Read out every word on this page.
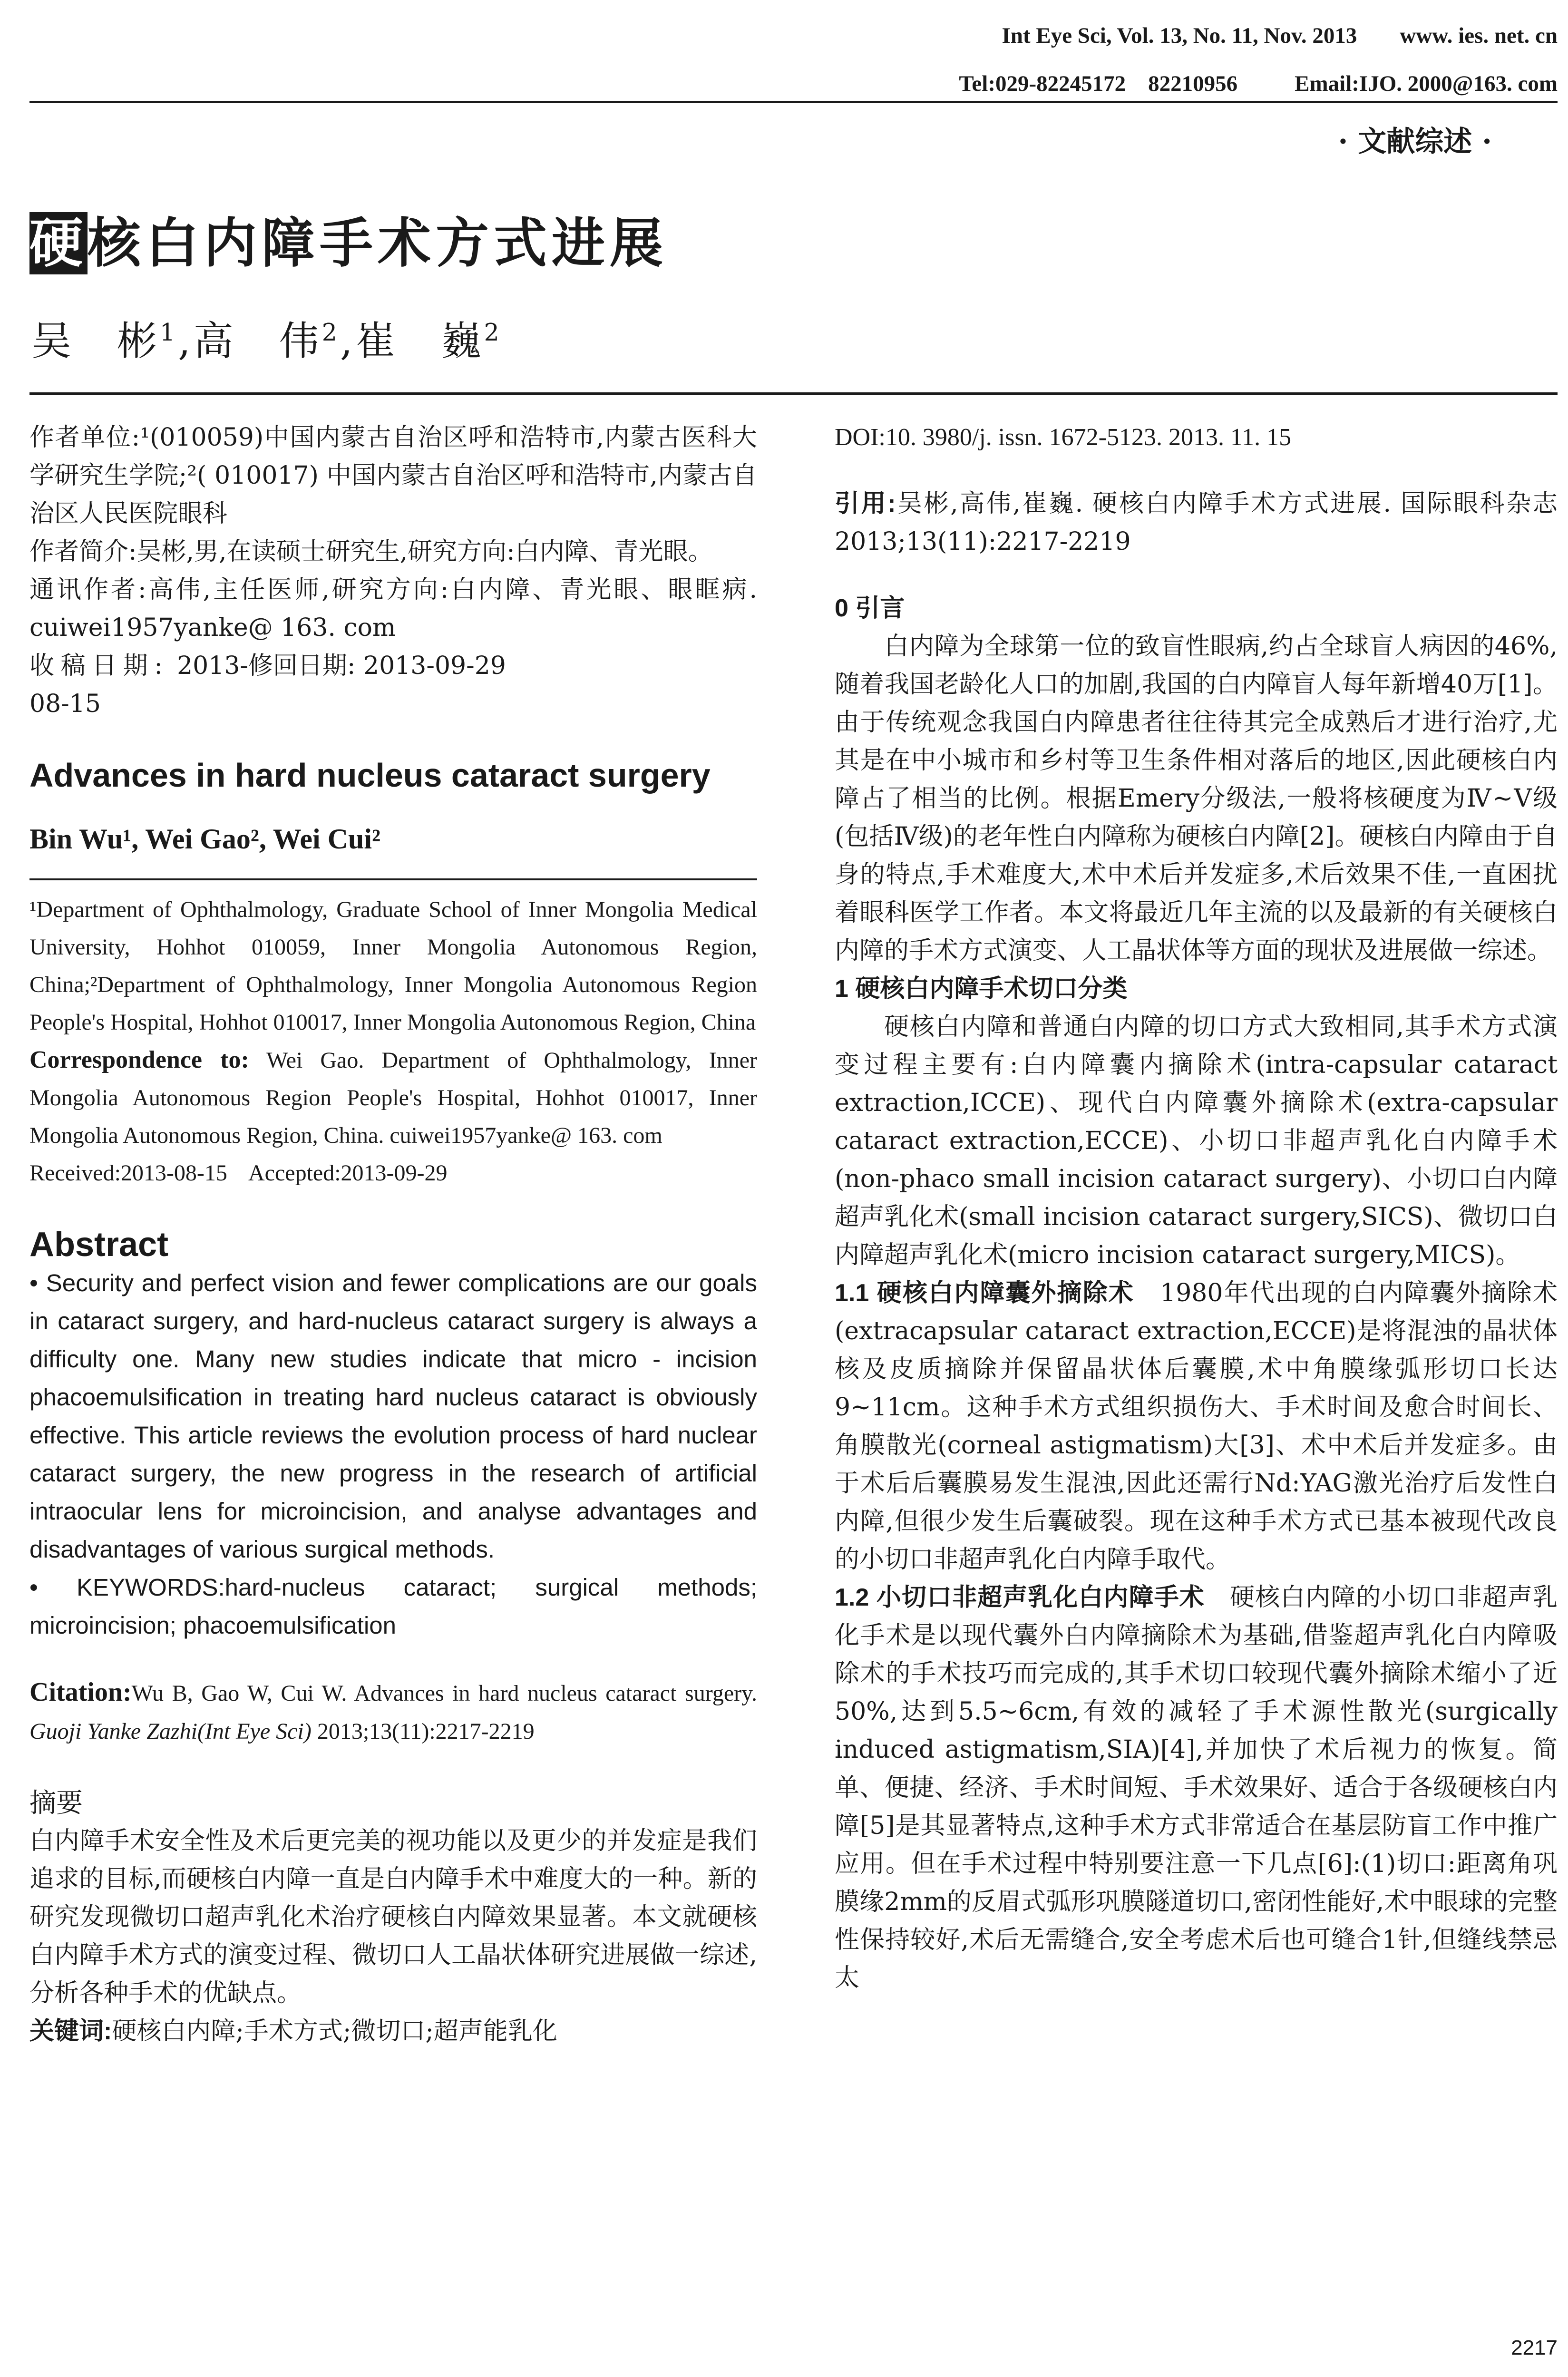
Int Eye Sci, Vol. 13, No. 11, Nov. 2013 www. ies. net. cn
Tel:029-82245172　82210956	Email:IJO. 2000@163. com
· 文献综述 ·
硬核白内障手术方式进展
吴　彬$^1$,高　伟$^2$,崔　巍$^2$

作者单位:¹(010059)中国内蒙古自治区呼和浩特市,内蒙古医科大学研究生学院;²( 010017) 中国内蒙古自治区呼和浩特市,内蒙古自治区人民医院眼科

作者简介:吴彬,男,在读硕士研究生,研究方向:白内障、青光眼。

通讯作者:高伟,主任医师,研究方向:白内障、青光眼、眼眶病. cuiwei1957yanke@ 163. com

收稿日期: 2013-08-15
修回日期: 2013-09-29

Advances in hard nucleus cataract surgery

Bin Wu¹, Wei Gao², Wei Cui²

¹Department of Ophthalmology, Graduate School of Inner Mongolia Medical University, Hohhot 010059, Inner Mongolia Autonomous Region, China;²Department of Ophthalmology, Inner Mongolia Autonomous Region People's Hospital, Hohhot 010017, Inner Mongolia Autonomous Region, China

Correspondence to: Wei Gao. Department of Ophthalmology, Inner Mongolia Autonomous Region People's Hospital, Hohhot 010017, Inner Mongolia Autonomous Region, China. cuiwei1957yanke@ 163. com

Received:2013-08-15 Accepted:2013-09-29

Abstract

• Security and perfect vision and fewer complications are our goals in cataract surgery, and hard-nucleus cataract surgery is always a difficulty one. Many new studies indicate that micro - incision phacoemulsification in treating hard nucleus cataract is obviously effective. This article reviews the evolution process of hard nuclear cataract surgery, the new progress in the research of artificial intraocular lens for microincision, and analyse advantages and disadvantages of various surgical methods.

• KEYWORDS:hard-nucleus cataract; surgical methods; microincision; phacoemulsification

Citation:Wu B, Gao W, Cui W. Advances in hard nucleus cataract surgery. Guoji Yanke Zazhi(Int Eye Sci) 2013;13(11):2217-2219

摘要

白内障手术安全性及术后更完美的视功能以及更少的并发症是我们追求的目标,而硬核白内障一直是白内障手术中难度大的一种。新的研究发现微切口超声乳化术治疗硬核白内障效果显著。本文就硬核白内障手术方式的演变过程、微切口人工晶状体研究进展做一综述,分析各种手术的优缺点。

关键词:硬核白内障;手术方式;微切口;超声能乳化

DOI:10. 3980/j. issn. 1672-5123. 2013. 11. 15

引用:吴彬,高伟,崔巍. 硬核白内障手术方式进展. 国际眼科杂志 2013;13(11):2217-2219

0 引言

白内障为全球第一位的致盲性眼病,约占全球盲人病因的46%,随着我国老龄化人口的加剧,我国的白内障盲人每年新增40万[1]。由于传统观念我国白内障患者往往待其完全成熟后才进行治疗,尤其是在中小城市和乡村等卫生条件相对落后的地区,因此硬核白内障占了相当的比例。根据Emery分级法,一般将核硬度为Ⅳ~Ⅴ级(包括Ⅳ级)的老年性白内障称为硬核白内障[2]。硬核白内障由于自身的特点,手术难度大,术中术后并发症多,术后效果不佳,一直困扰着眼科医学工作者。本文将最近几年主流的以及最新的有关硬核白内障的手术方式演变、人工晶状体等方面的现状及进展做一综述。

1 硬核白内障手术切口分类

硬核白内障和普通白内障的切口方式大致相同,其手术方式演变过程主要有:白内障囊内摘除术(intra-capsular cataract extraction,ICCE)、现代白内障囊外摘除术(extra-capsular cataract extraction,ECCE)、小切口非超声乳化白内障手术(non-phaco small incision cataract surgery)、小切口白内障超声乳化术(small incision cataract surgery,SICS)、微切口白内障超声乳化术(micro incision cataract surgery,MICS)。

1.1 硬核白内障囊外摘除术　 1980年代出现的白内障囊外摘除术(extracapsular cataract extraction,ECCE)是将混浊的晶状体核及皮质摘除并保留晶状体后囊膜,术中角膜缘弧形切口长达9~11cm。这种手术方式组织损伤大、手术时间及愈合时间长、角膜散光(corneal astigmatism)大[3]、术中术后并发症多。由于术后后囊膜易发生混浊,因此还需行Nd:YAG激光治疗后发性白内障,但很少发生后囊破裂。现在这种手术方式已基本被现代改良的小切口非超声乳化白内障手取代。

1.2 小切口非超声乳化白内障手术　 硬核白内障的小切口非超声乳化手术是以现代囊外白内障摘除术为基础,借鉴超声乳化白内障吸除术的手术技巧而完成的,其手术切口较现代囊外摘除术缩小了近50%,达到5.5~6cm,有效的减轻了手术源性散光(surgically induced astigmatism,SIA)[4],并加快了术后视力的恢复。简单、便捷、经济、手术时间短、手术效果好、适合于各级硬核白内障[5]是其显著特点,这种手术方式非常适合在基层防盲工作中推广应用。但在手术过程中特别要注意一下几点[6]:(1)切口:距离角巩膜缘2mm的反眉式弧形巩膜隧道切口,密闭性能好,术中眼球的完整性保持较好,术后无需缝合,安全考虑术后也可缝合1针,但缝线禁忌太

2217
